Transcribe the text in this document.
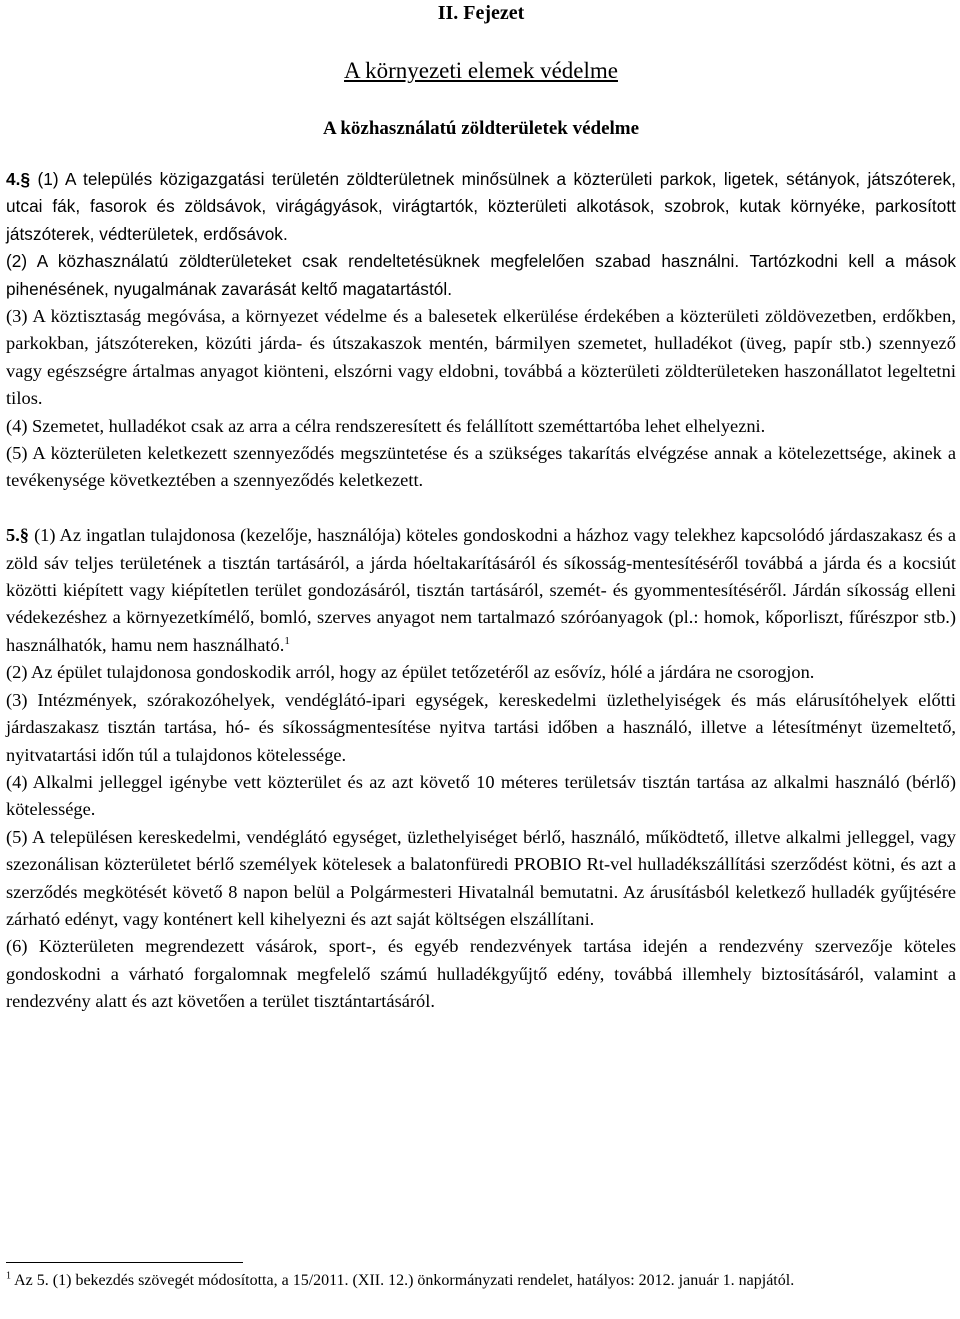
II. Fejezet
A környezeti elemek védelme
A közhasználatú zöldterületek védelme

4.§ (1) A település közigazgatási területén zöldterületnek minősülnek a közterületi parkok, ligetek, sétányok, játszóterek, utcai fák, fasorok és zöldsávok, virágágyások, virágtartók, közterületi alkotások, szobrok, kutak környéke, parkosított játszóterek, védterületek, erdősávok.

(2) A közhasználatú zöldterületeket csak rendeltetésüknek megfelelően szabad használni. Tartózkodni kell a mások pihenésének, nyugalmának zavarását keltő magatartástól.

(3) A köztisztaság megóvása, a környezet védelme és a balesetek elkerülése érdekében a közterületi zöldövezetben, erdőkben, parkokban, játszótereken, közúti járda- és útszakaszok mentén, bármilyen szemetet, hulladékot (üveg, papír stb.) szennyező vagy egészségre ártalmas anyagot kiönteni, elszórni vagy eldobni, továbbá a közterületi zöldterületeken haszonállatot legeltetni tilos.

(4) Szemetet, hulladékot csak az arra a célra rendszeresített és felállított szeméttartóba lehet elhelyezni.

(5) A közterületen keletkezett szennyeződés megszüntetése és a szükséges takarítás elvégzése annak a kötelezettsége, akinek a tevékenysége következtében a szennyeződés keletkezett.

5.§ (1) Az ingatlan tulajdonosa (kezelője, használója) köteles gondoskodni a házhoz vagy telekhez kapcsolódó járdaszakasz és a zöld sáv teljes területének a tisztán tartásáról, a járda hóeltakarításáról és síkosság-mentesítéséről továbbá a járda és a kocsiút közötti kiépített vagy kiépítetlen terület gondozásáról, tisztán tartásáról, szemét- és gyommentesítéséről. Járdán síkosság elleni védekezéshez a környezetkímélő, bomló, szerves anyagot nem tartalmazó szóróanyagok (pl.: homok, kőporliszt, fűrészpor stb.) használhatók, hamu nem használható.$^1$

(2) Az épület tulajdonosa gondoskodik arról, hogy az épület tetőzetéről az esővíz, hólé a járdára ne csorogjon.

(3) Intézmények, szórakozóhelyek, vendéglátó-ipari egységek, kereskedelmi üzlethelyiségek és más elárusítóhelyek előtti járdaszakasz tisztán tartása, hó- és síkosságmentesítése nyitva tartási időben a használó, illetve a létesítményt üzemeltető, nyitvatartási időn túl a tulajdonos kötelessége.

(4) Alkalmi jelleggel igénybe vett közterület és az azt követő 10 méteres területsáv tisztán tartása az alkalmi használó (bérlő) kötelessége.

(5) A településen kereskedelmi, vendéglátó egységet, üzlethelyiséget bérlő, használó, működtető, illetve alkalmi jelleggel, vagy szezonálisan közterületet bérlő személyek kötelesek a balatonfüredi PROBIO Rt-vel hulladékszállítási szerződést kötni, és azt a szerződés megkötését követő 8 napon belül a Polgármesteri Hivatalnál bemutatni. Az árusításból keletkező hulladék gyűjtésére zárható edényt, vagy konténert kell kihelyezni és azt saját költségen elszállítani.

(6) Közterületen megrendezett vásárok, sport-, és egyéb rendezvények tartása idején a rendezvény szervezője köteles gondoskodni a várható forgalomnak megfelelő számú hulladékgyűjtő edény, továbbá illemhely biztosításáról, valamint a rendezvény alatt és azt követően a terület tisztántartásáról.

$^1$ Az 5. (1) bekezdés szövegét módosította, a 15/2011. (XII. 12.) önkormányzati rendelet, hatályos: 2012. január 1. napjától.
